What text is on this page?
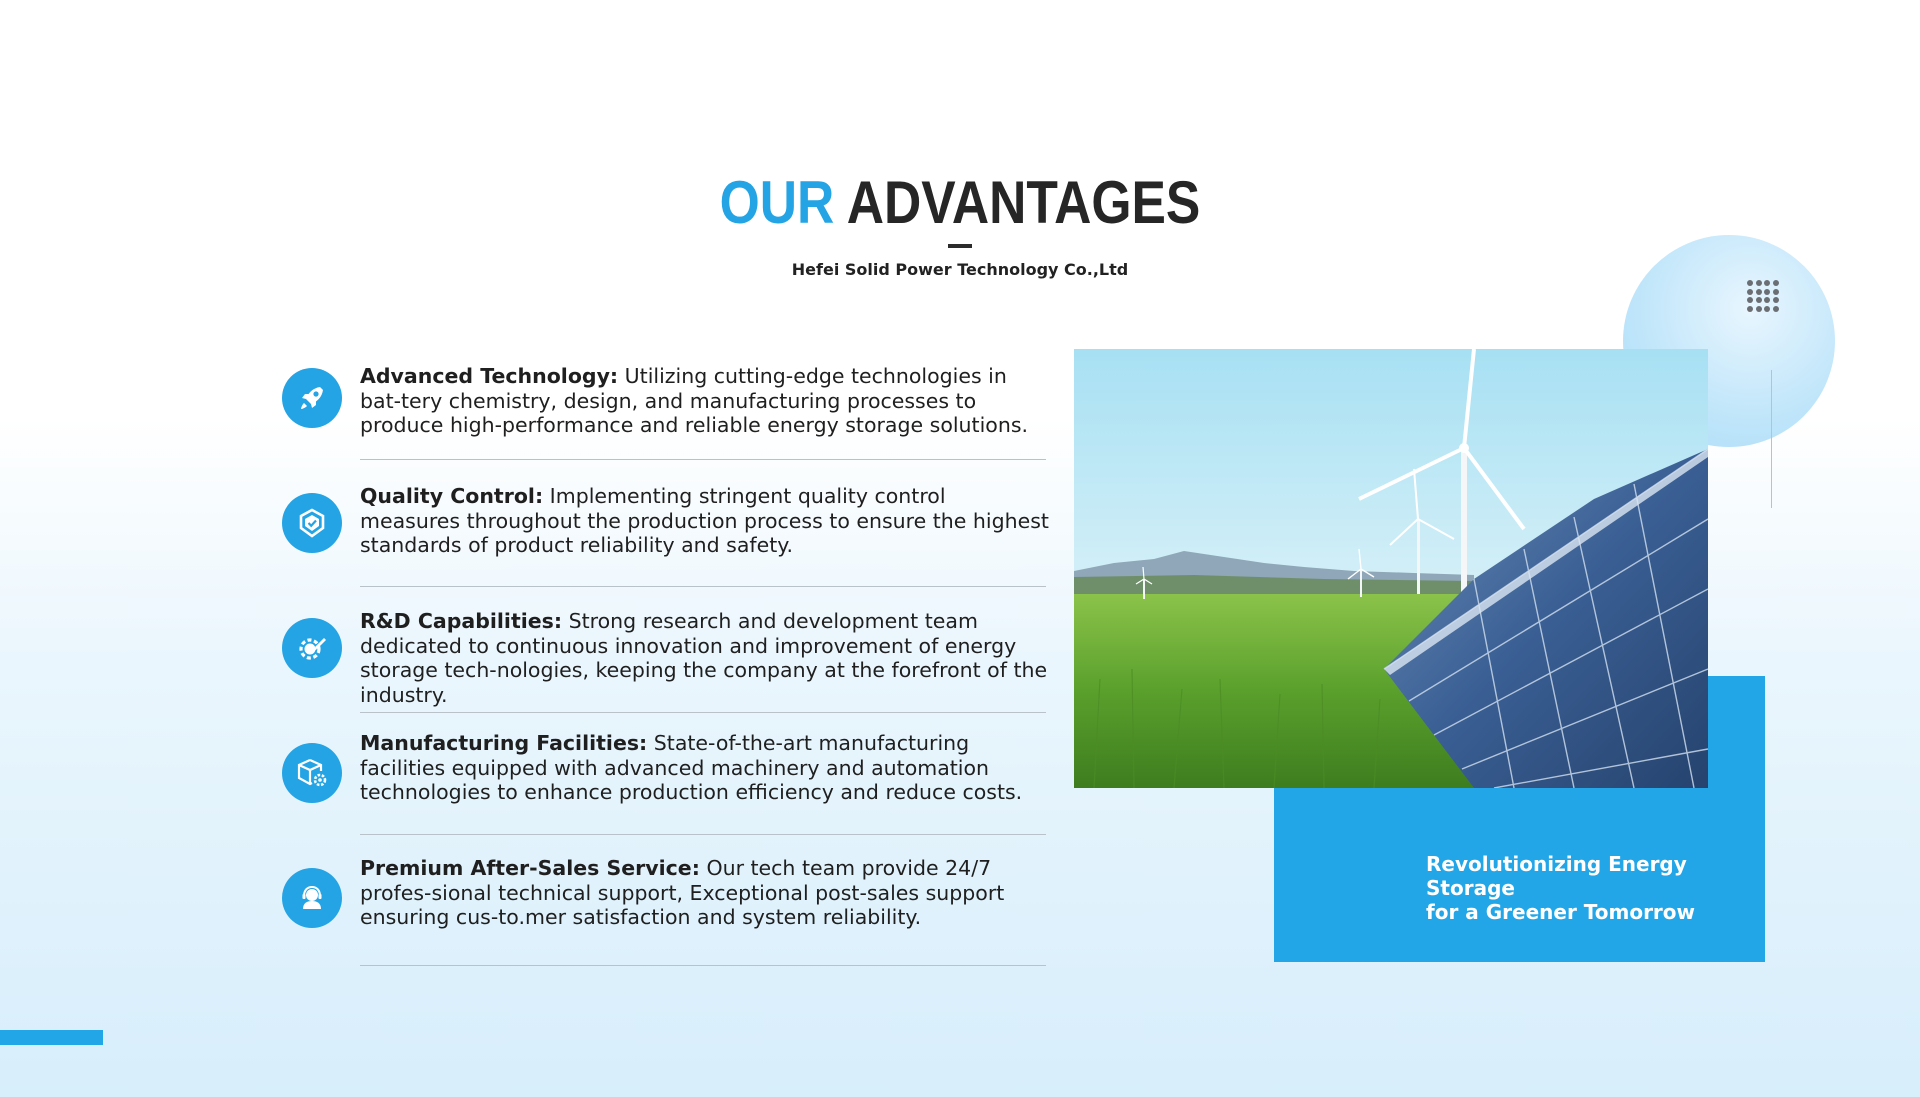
OUR ADVANTAGES
Hefei Solid Power Technology Co.,Ltd
Advanced Technology: Utilizing cutting-edge technologies in bat-tery chemistry, design, and manufacturing processes to produce high-performance and reliable energy storage solutions.
Quality Control: Implementing stringent quality control measures throughout the production process to ensure the highest standards of product reliability and safety.
R&D Capabilities: Strong research and development team dedicated to continuous innovation and improvement of energy storage tech-nologies, keeping the company at the forefront of the industry.
Manufacturing Facilities: State-of-the-art manufacturing facilities equipped with advanced machinery and automation technologies to enhance production efficiency and reduce costs.
Premium After-Sales Service: Our tech team provide 24/7 profes-sional technical support, Exceptional post-sales support ensuring cus-to.mer satisfaction and system reliability.
Revolutionizing Energy Storage
for a Greener Tomorrow
